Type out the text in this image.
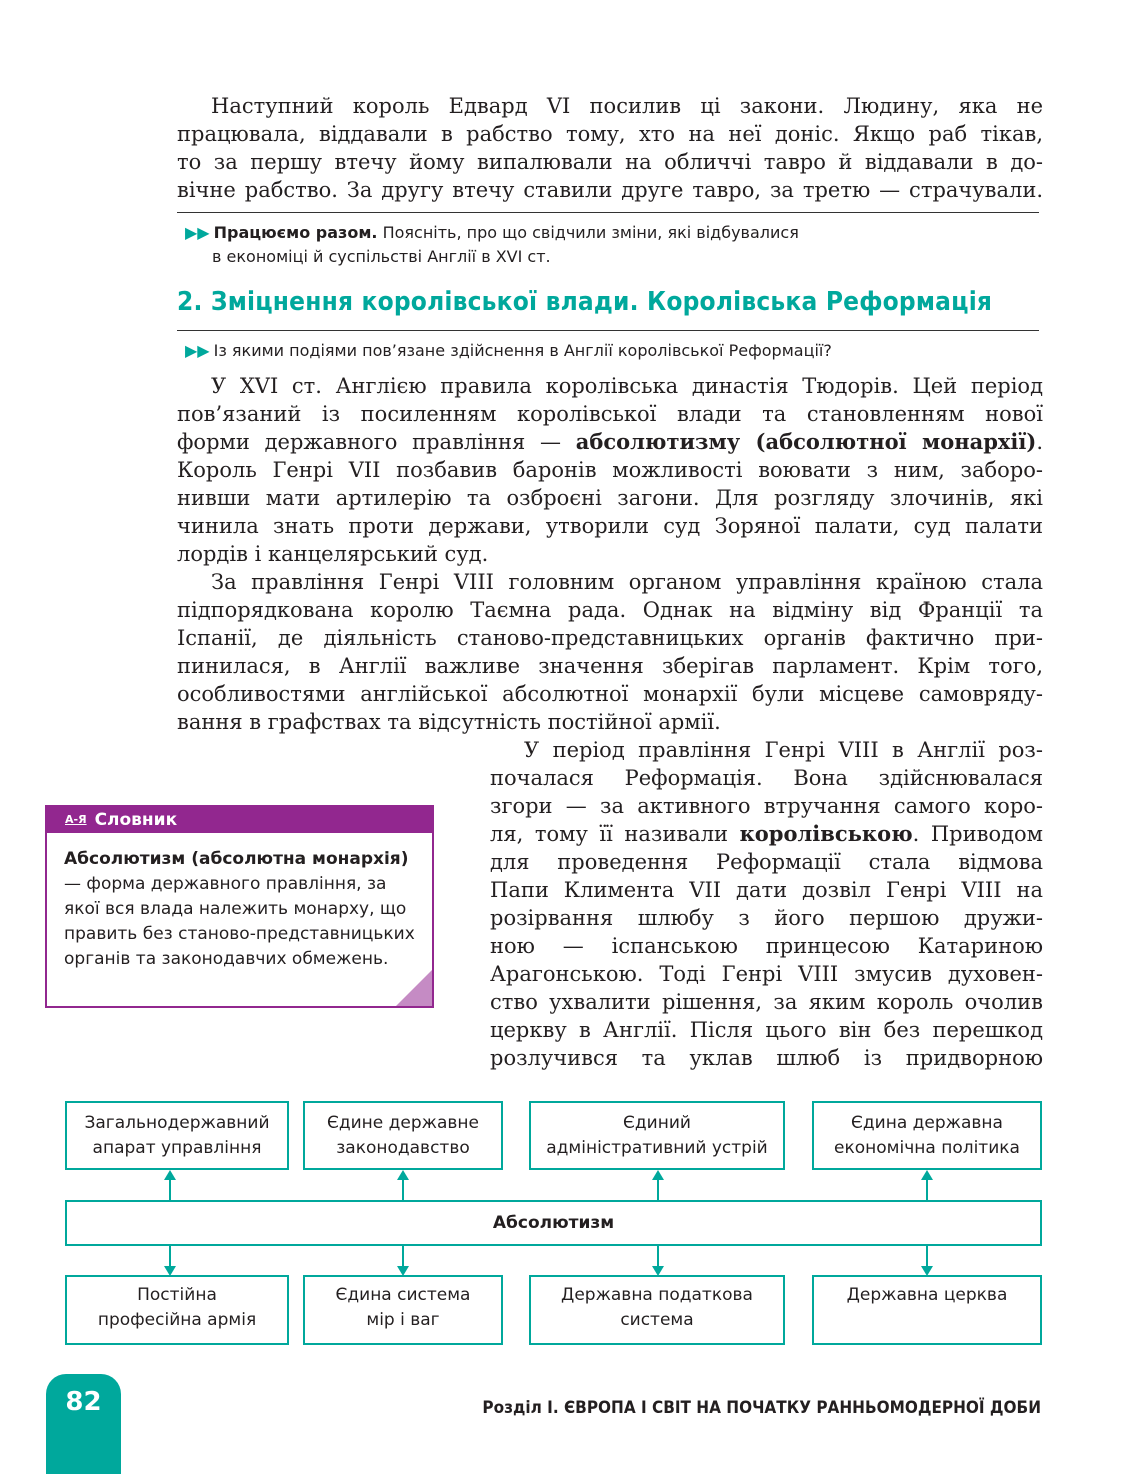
Наступний король Едвард VI посилив ці закони. Людину, яка не
працювала, віддавали в рабство тому, хто на неї доніс. Якщо раб тікав,
то за першу втечу йому випалювали на обличчі тавро й віддавали в до-
вічне рабство. За другу втечу ставили друге тавро, за третю — страчували.
▶▶ Працюємо разом. Поясніть, про що свідчили зміни, які відбувалися
в економіці й суспільстві Англії в XVI ст.
2. Зміцнення королівської влади. Королівська Реформація
▶▶ Із якими подіями пов’язане здійснення в Англії королівської Реформації?
У XVI ст. Англією правила королівська династія Тюдорів. Цей період
пов’язаний із посиленням королівської влади та становленням нової
форми державного правління — абсолютизму (абсолютної монархії).
Король Генрі VII позбавив баронів можливості воювати з ним, заборо-
нивши мати артилерію та озброєні загони. Для розгляду злочинів, які
чинила знать проти держави, утворили суд Зоряної палати, суд палати
лордів і канцелярський суд.
За правління Генрі VIII головним органом управління країною стала
підпорядкована королю Таємна рада. Однак на відміну від Франції та
Іспанії, де діяльність станово-представницьких органів фактично при-
пинилася, в Англії важливе значення зберігав парламент. Крім того,
особливостями англійської абсолютної монархії були місцеве самовряду-
вання в графствах та відсутність постійної армії.
У період правління Генрі VIII в Англії роз-
почалася Реформація. Вона здійснювалася
згори — за активного втручання самого коро-
ля, тому її називали королівською. Приводом
для проведення Реформації стала відмова
Папи Климента VII дати дозвіл Генрі VIII на
розірвання шлюбу з його першою дружи-
ною — іспанською принцесою Катариною
Арагонською. Тоді Генрі VIII змусив духовен-
ство ухвалити рішення, за яким король очолив
церкву в Англії. Після цього він без перешкод
розлучився та уклав шлюб із придворною
А-Я Словник
Абсолютизм (абсолютна монархія) — форма державного правління, за якої вся влада належить монарху, що править без станово-представницьких органів та законодавчих обмежень.
Загальнодержавний
апарат управління
Єдине державне
законодавство
Єдиний
адміністративний устрій
Єдина державна
економічна політика
Абсолютизм
Постійна
професійна армія
Єдина система
мір і ваг
Державна податкова
система
Державна церква
82	Розділ І. ЄВРОПА І СВІТ НА ПОЧАТКУ РАННЬОМОДЕРНОЇ ДОБИ
